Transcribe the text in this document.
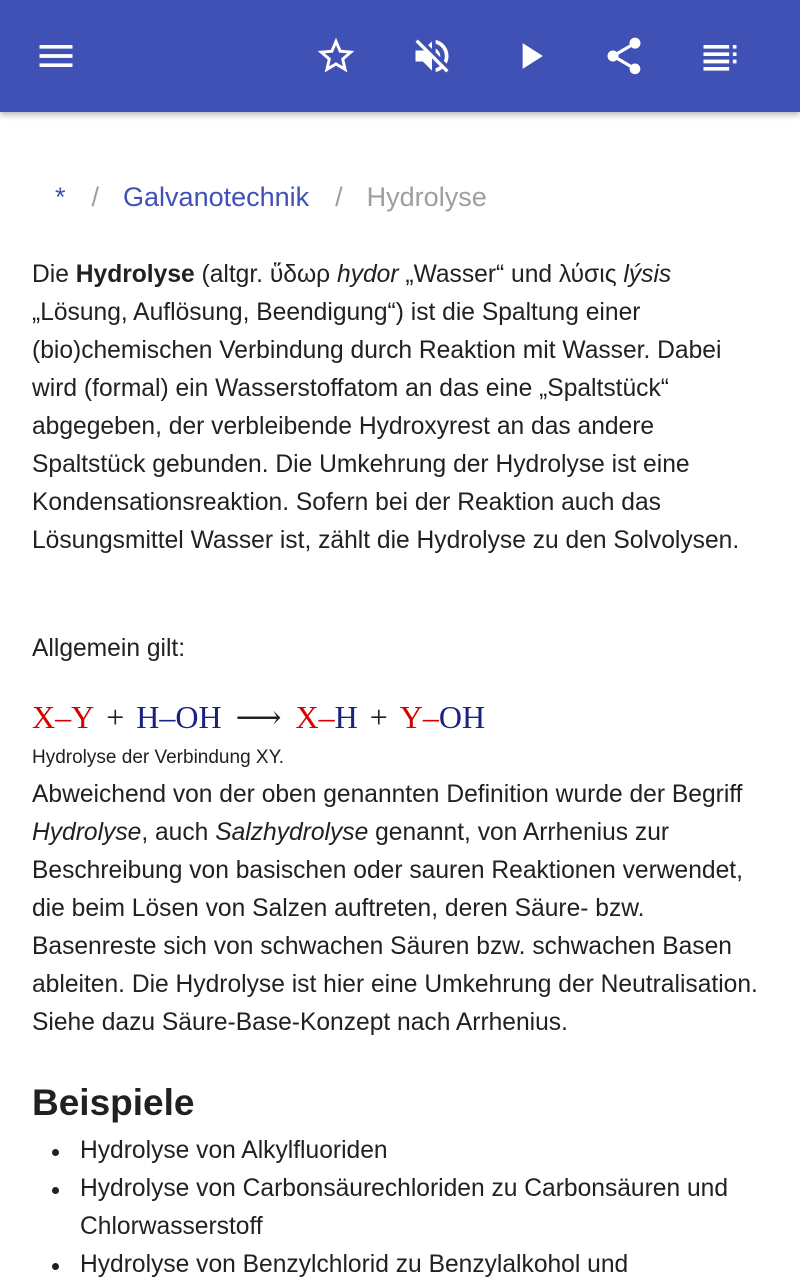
* / Galvanotechnik / Hydrolyse

Die Hydrolyse (altgr. ὕδωρ hydor „Wasser“ und λύσις lýsis „Lösung, Auflösung, Beendigung“) ist die Spaltung einer (bio)chemischen Verbindung durch Reaktion mit Wasser. Dabei wird (formal) ein Wasserstoffatom an das eine „Spaltstück“ abgegeben, der verbleibende Hydroxyrest an das andere Spaltstück gebunden. Die Umkehrung der Hydrolyse ist eine Kondensationsreaktion. Sofern bei der Reaktion auch das Lösungsmittel Wasser ist, zählt die Hydrolyse zu den Solvolysen.

Allgemein gilt:

X–Y + H–OH ⟶ X–H + Y–OH
Hydrolyse der Verbindung XY.

Abweichend von der oben genannten Definition wurde der Begriff Hydrolyse, auch Salzhydrolyse genannt, von Arrhenius zur Beschreibung von basischen oder sauren Reaktionen verwendet, die beim Lösen von Salzen auftreten, deren Säure- bzw. Basenreste sich von schwachen Säuren bzw. schwachen Basen ableiten. Die Hydrolyse ist hier eine Umkehrung der Neutralisation. Siehe dazu Säure-Base-Konzept nach Arrhenius.

Beispiele
Hydrolyse von Alkylfluoriden
Hydrolyse von Carbonsäurechloriden zu Carbonsäuren und Chlorwasserstoff
Hydrolyse von Benzylchlorid zu Benzylalkohol und
